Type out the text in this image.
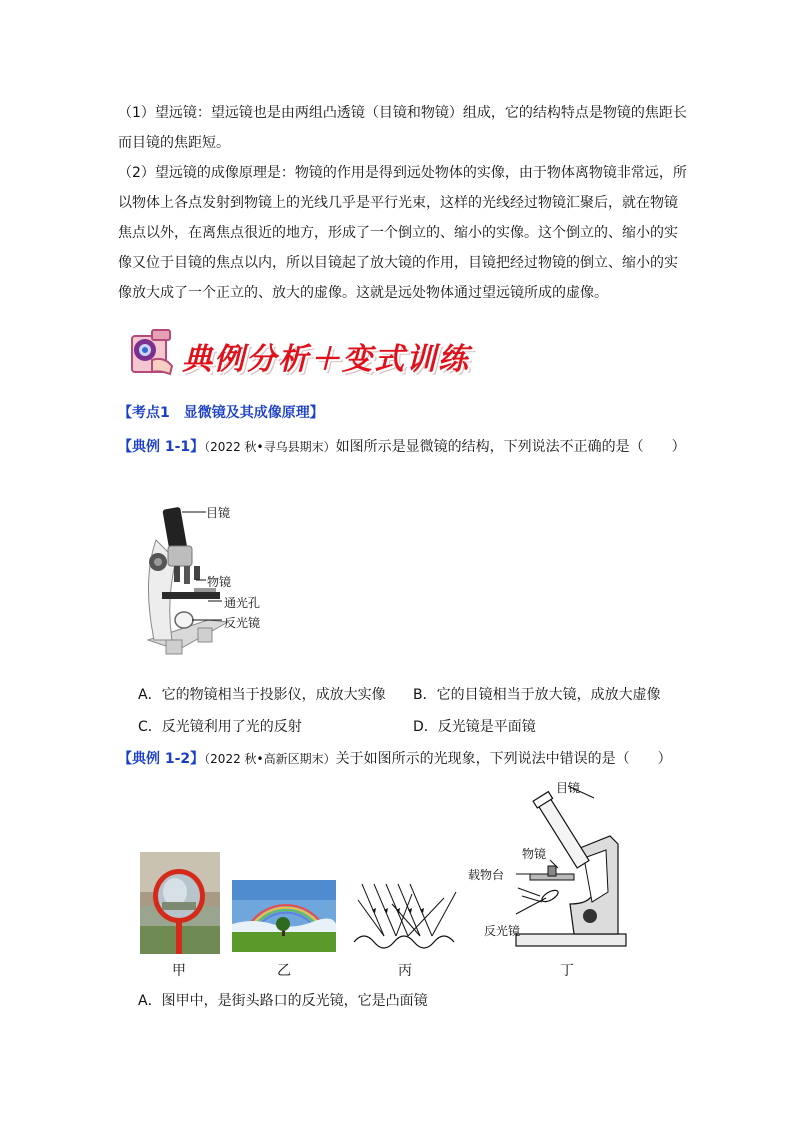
（1）望远镜：望远镜也是由两组凸透镜（目镜和物镜）组成，它的结构特点是物镜的焦距长而目镜的焦距短。

（2）望远镜的成像原理是：物镜的作用是得到远处物体的实像，由于物体离物镜非常远，所以物体上各点发射到物镜上的光线几乎是平行光束，这样的光线经过物镜汇聚后，就在物镜焦点以外，在离焦点很近的地方，形成了一个倒立的、缩小的实像。这个倒立的、缩小的实像又位于目镜的焦点以内，所以目镜起了放大镜的作用，目镜把经过物镜的倒立、缩小的实像放大成了一个正立的、放大的虚像。这就是远处物体通过望远镜所成的虚像。

典例分析＋变式训练
【考点1　显微镜及其成像原理】
【典例 1-1】（2022 秋•寻乌县期末）如图所示是显微镜的结构，下列说法不正确的是（　　）
目镜
物镜
通光孔
反光镜
A．它的物镜相当于投影仪，成放大实像 B．它的目镜相当于放大镜，成放大虚像
C．反光镜利用了光的反射	D．反光镜是平面镜
【典例 1-2】（2022 秋•高新区期末）关于如图所示的光现象，下列说法中错误的是（　　）
目镜
物镜
载物台
反光镜
甲	乙	丙	丁
A．图甲中，是街头路口的反光镜，它是凸面镜
